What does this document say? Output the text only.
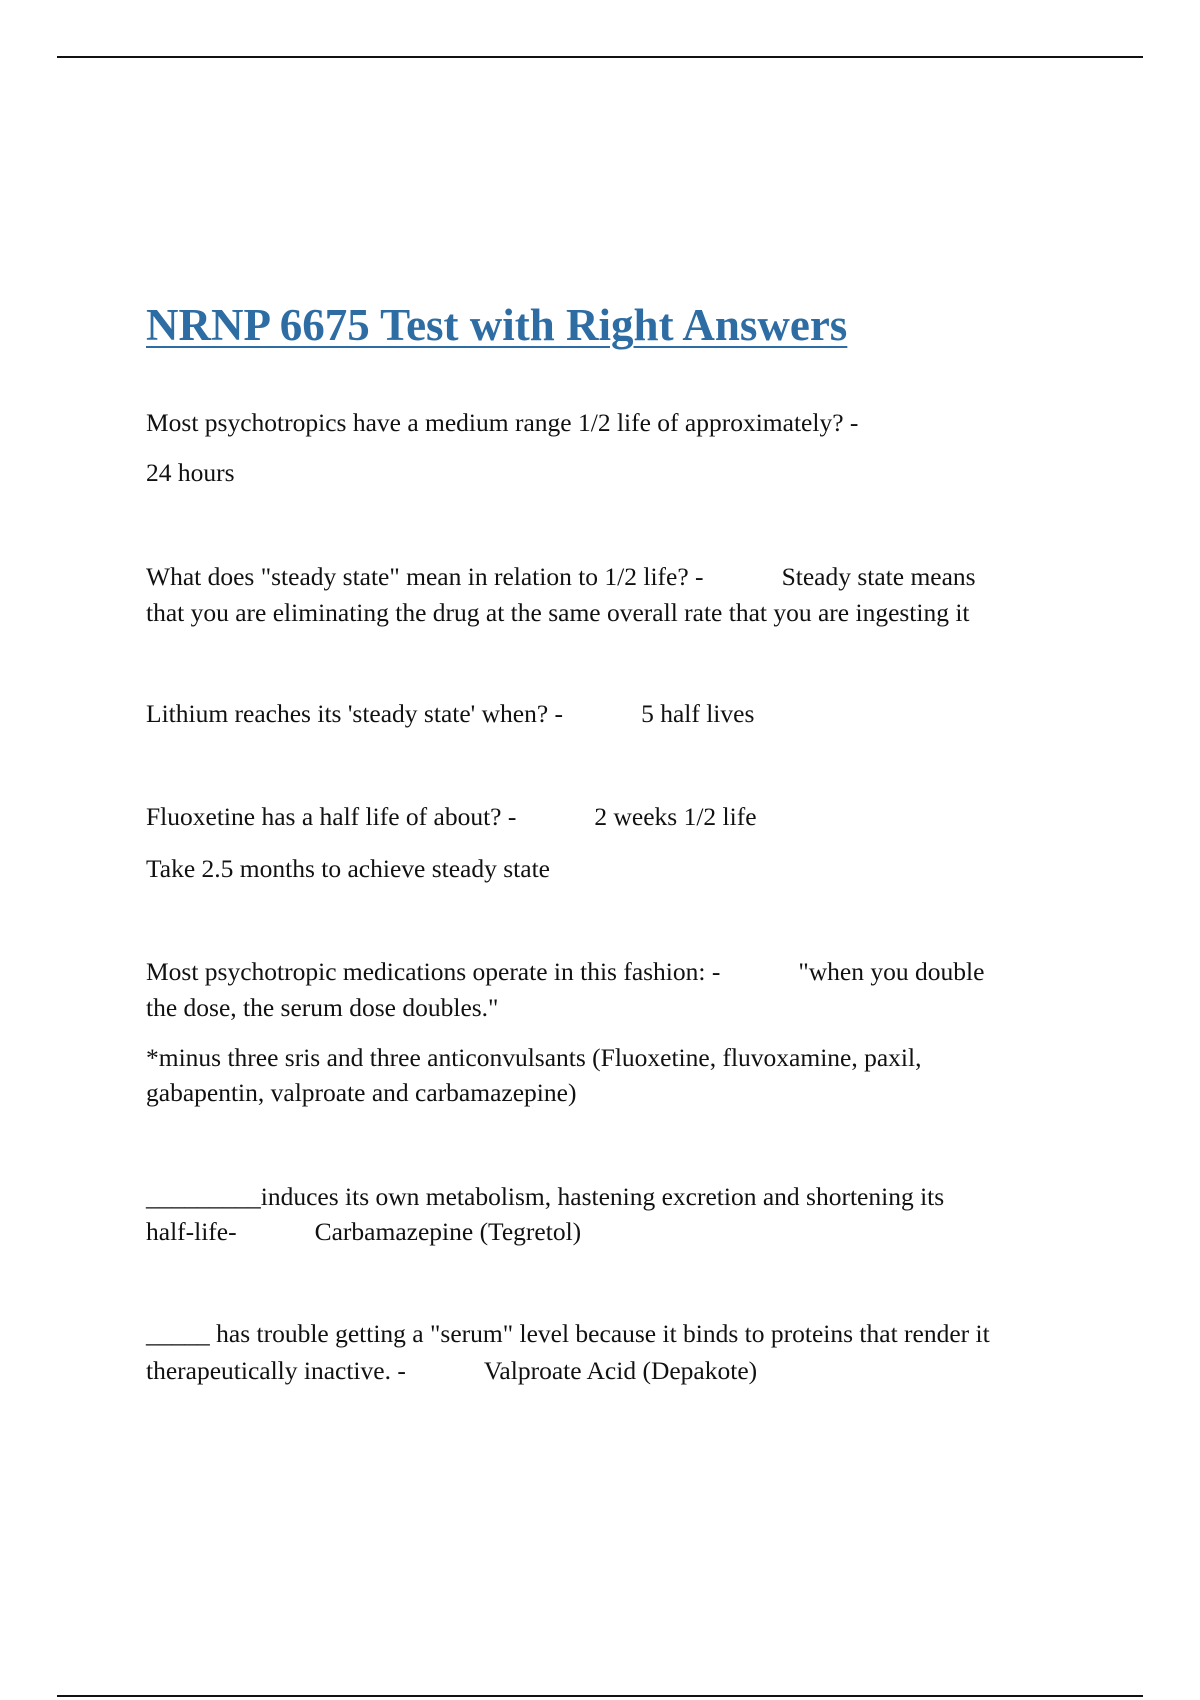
NRNP 6675 Test with Right Answers

Most psychotropics have a medium range 1/2 life of approximately? -

24 hours

What does "steady state" mean in relation to 1/2 life? -	Steady state means

that you are eliminating the drug at the same overall rate that you are ingesting it

Lithium reaches its 'steady state' when? -	5 half lives

Fluoxetine has a half life of about? -	2 weeks 1/2 life

Take 2.5 months to achieve steady state

Most psychotropic medications operate in this fashion: -	"when you double

the dose, the serum dose doubles."

*minus three sris and three anticonvulsants (Fluoxetine, fluvoxamine, paxil,

gabapentin, valproate and carbamazepine)

_________induces its own metabolism, hastening excretion and shortening its

half-life-	Carbamazepine (Tegretol)

_____ has trouble getting a "serum" level because it binds to proteins that render it

therapeutically inactive. -	Valproate Acid (Depakote)
